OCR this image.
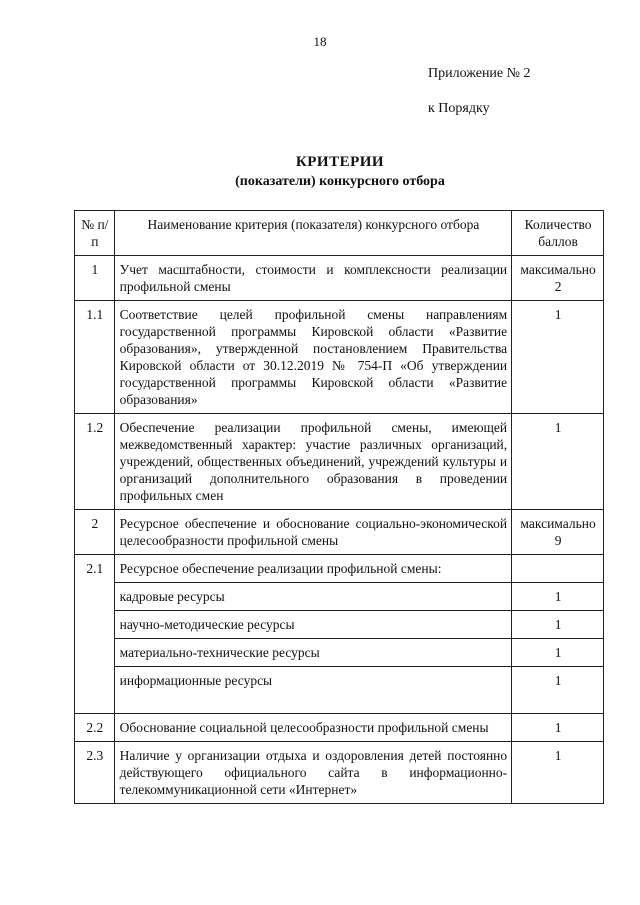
18
Приложение № 2
к Порядку
КРИТЕРИИ
(показатели) конкурсного отбора
№ п/п	Наименование критерия (показателя) конкурсного отбора	Количество баллов
1	Учет масштабности, стоимости и комплексности реализации профильной смены	максимально 2
1.1	Соответствие целей профильной смены направлениям государственной программы Кировской области «Развитие образования», утвержденной постановлением Правительства Кировской области от 30.12.2019 № 754-П «Об утверждении государственной программы Кировской области «Развитие образования»	1
1.2	Обеспечение реализации профильной смены, имеющей межведомственный характер: участие различных организаций, учреждений, общественных объединений, учреждений культуры и организаций дополнительного образования в проведении профильных смен	1
2	Ресурсное обеспечение и обоснование социально-экономической целесообразности профильной смены	максимально 9
2.1	Ресурсное обеспечение реализации профильной смены:	
	кадровые ресурсы	1
	научно-методические ресурсы	1
	материально-технические ресурсы	1
	информационные ресурсы	1
2.2	Обоснование социальной целесообразности профильной смены	1
2.3	Наличие у организации отдыха и оздоровления детей постоянно действующего официального сайта в информационно-телекоммуникационной сети «Интернет»	1
